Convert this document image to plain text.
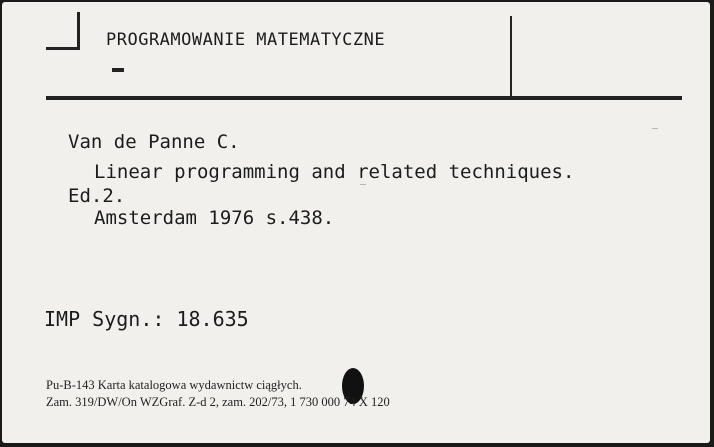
PROGRAMOWANIE MATEMATYCZNE
Van de Panne C.
Linear programming and related techniques.
Ed.2.
Amsterdam 1976 s.438.
IMP Sygn.: 18.635
Pu-B-143 Karta katalogowa wydawnictw ciągłych.
Zam. 319/DW/On WZGraf. Z-d 2, zam. 202/73, 1 730 000 74 X 120
